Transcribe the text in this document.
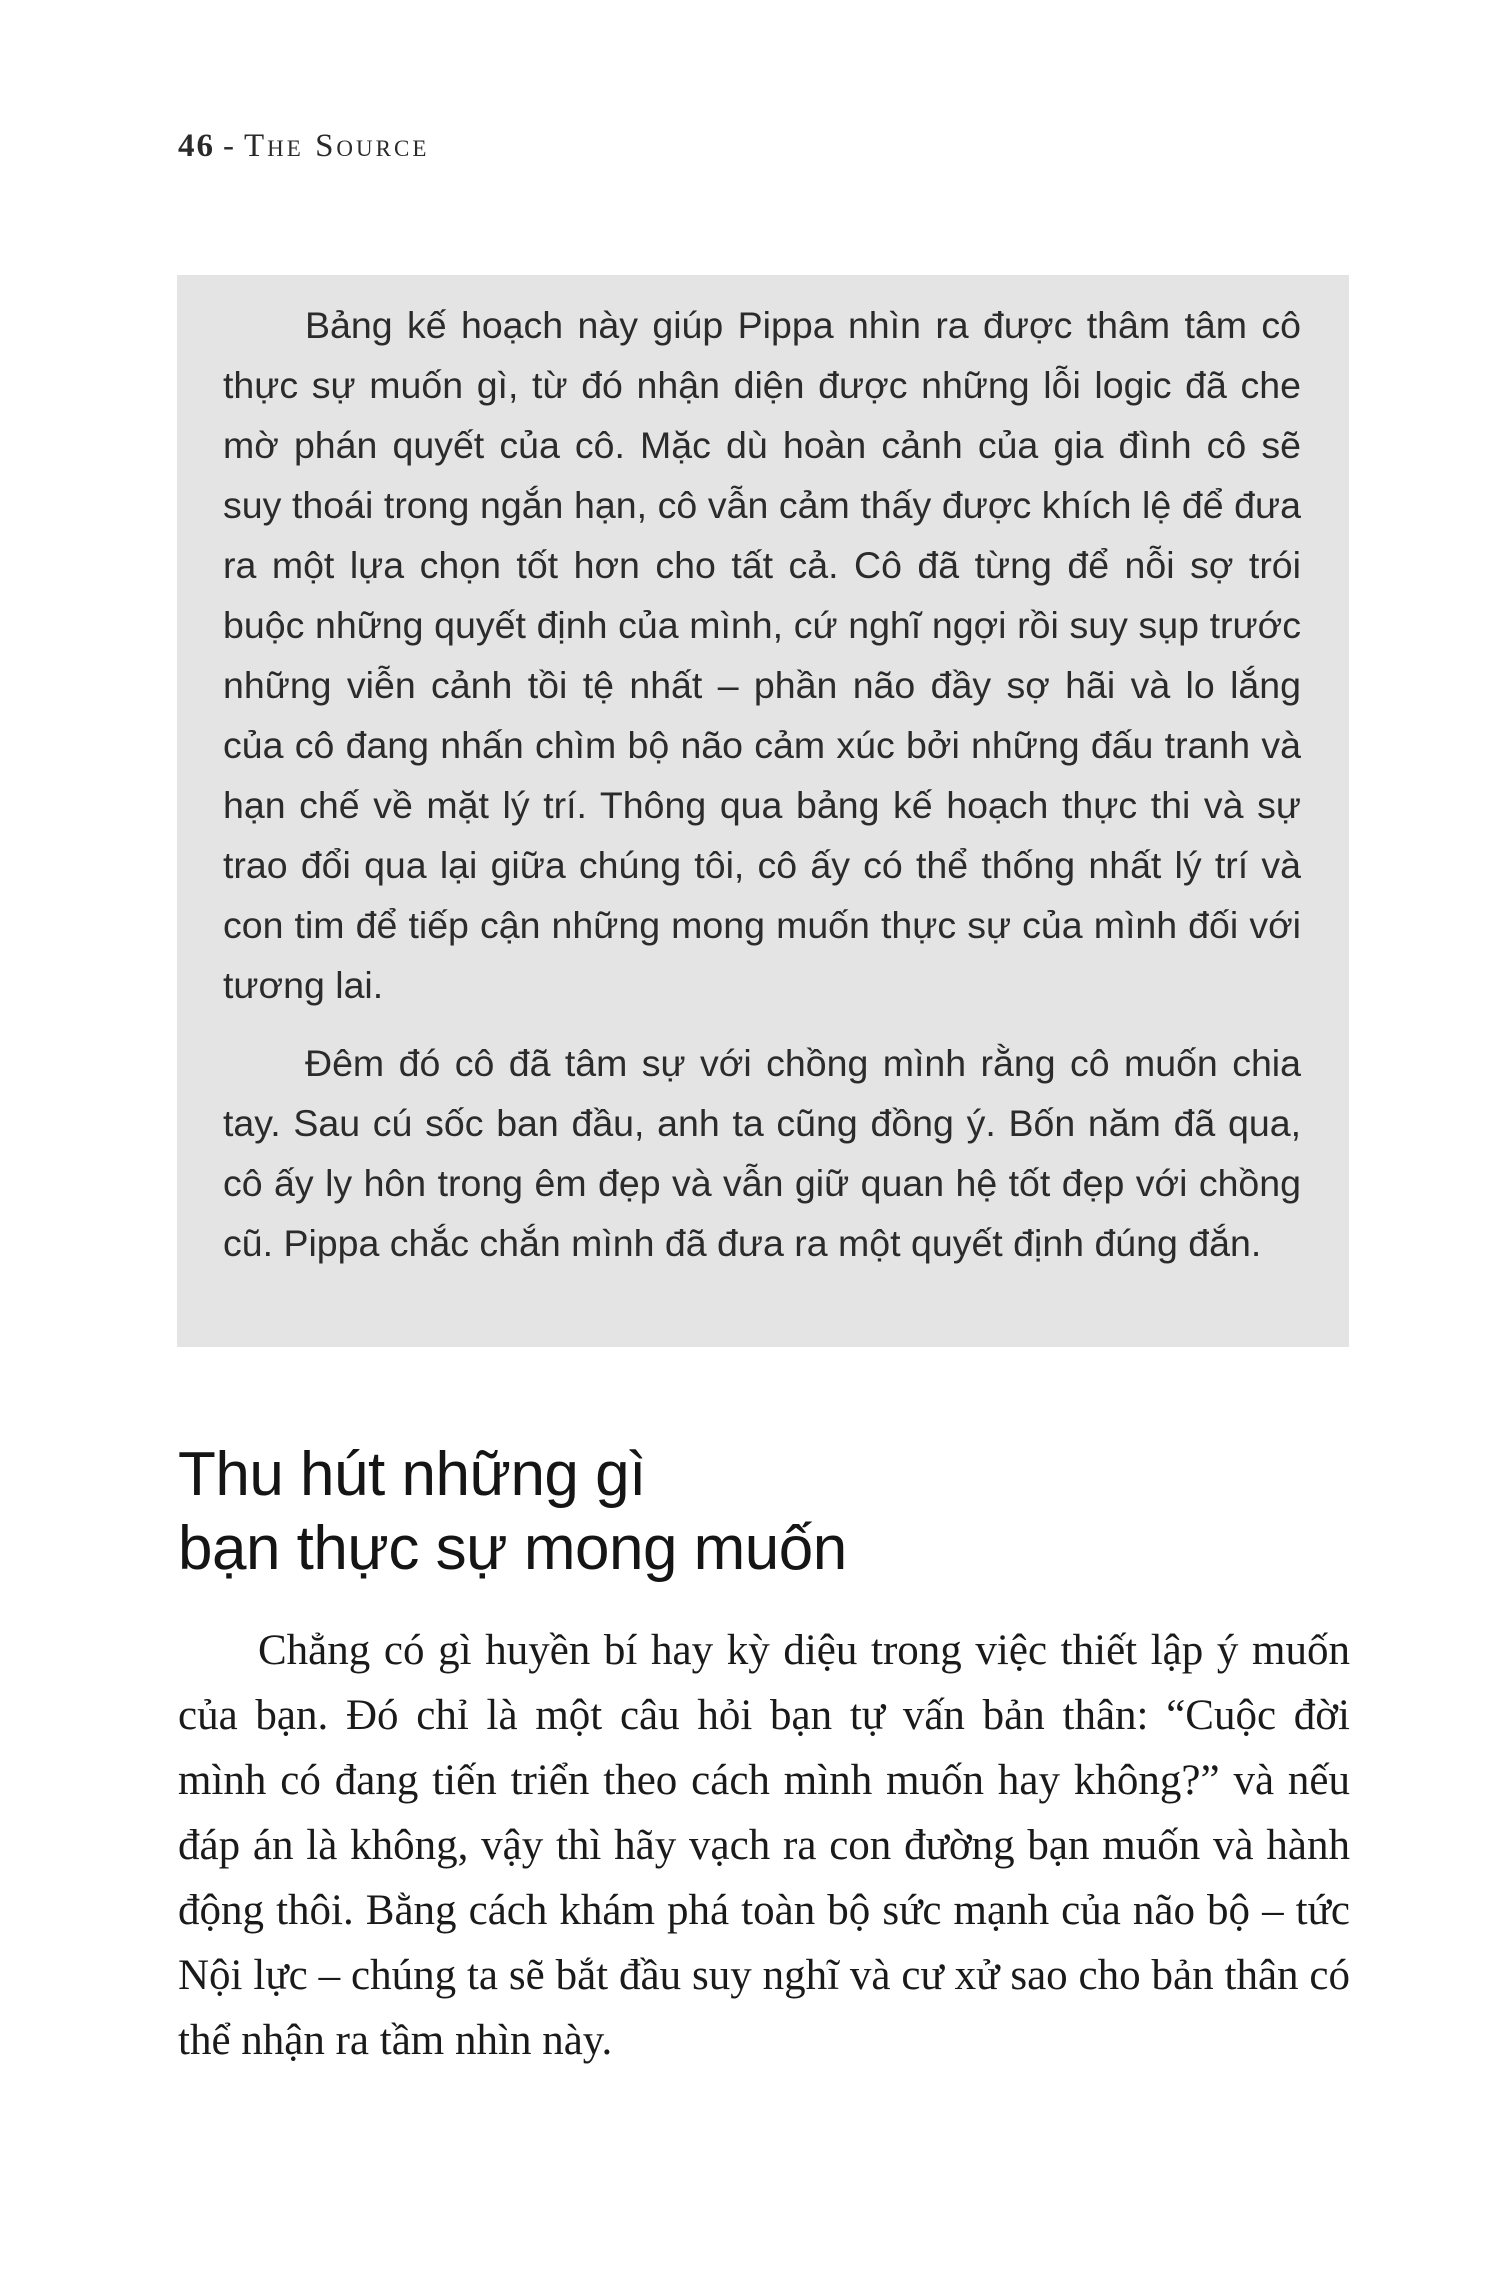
46 - The Source

Bảng kế hoạch này giúp Pippa nhìn ra được thâm tâm cô thực sự muốn gì, từ đó nhận diện được những lỗi logic đã che mờ phán quyết của cô. Mặc dù hoàn cảnh của gia đình cô sẽ suy thoái trong ngắn hạn, cô vẫn cảm thấy được khích lệ để đưa ra một lựa chọn tốt hơn cho tất cả. Cô đã từng để nỗi sợ trói buộc những quyết định của mình, cứ nghĩ ngợi rồi suy sụp trước những viễn cảnh tồi tệ nhất – phần não đầy sợ hãi và lo lắng của cô đang nhấn chìm bộ não cảm xúc bởi những đấu tranh và hạn chế về mặt lý trí. Thông qua bảng kế hoạch thực thi và sự trao đổi qua lại giữa chúng tôi, cô ấy có thể thống nhất lý trí và con tim để tiếp cận những mong muốn thực sự của mình đối với tương lai.

Đêm đó cô đã tâm sự với chồng mình rằng cô muốn chia tay. Sau cú sốc ban đầu, anh ta cũng đồng ý. Bốn năm đã qua, cô ấy ly hôn trong êm đẹp và vẫn giữ quan hệ tốt đẹp với chồng cũ. Pippa chắc chắn mình đã đưa ra một quyết định đúng đắn.

Thu hút những gì
bạn thực sự mong muốn

Chẳng có gì huyền bí hay kỳ diệu trong việc thiết lập ý muốn của bạn. Đó chỉ là một câu hỏi bạn tự vấn bản thân: “Cuộc đời mình có đang tiến triển theo cách mình muốn hay không?” và nếu đáp án là không, vậy thì hãy vạch ra con đường bạn muốn và hành động thôi. Bằng cách khám phá toàn bộ sức mạnh của não bộ – tức Nội lực – chúng ta sẽ bắt đầu suy nghĩ và cư xử sao cho bản thân có thể nhận ra tầm nhìn này.
